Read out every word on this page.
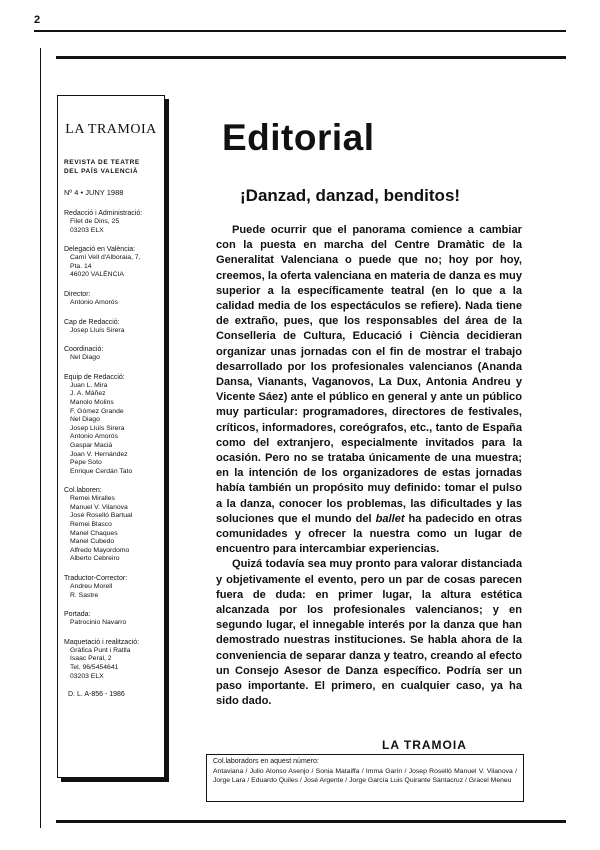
2
LA TRAMOIA
REVISTA DE TEATRE
DEL PAÍS VALENCIÀ
Nº 4 • JUNY 1988
Redacció i Administració:
Filet de Dins, 25
03203 ELX
Delegació en València:
Camí Vell d'Alboraia, 7,
Pta. 14
46020 VALÈNCIA
Director:
Antonio Amorós
Cap de Redacció:
Josep Lluís Sirera
Coordinació:
Nel Diago
Equip de Redacció:
Juan L. Mira
J. A. Máñez
Manolo Molins
F. Gómez Grande
Nel Diago
Josep Lluís Sirera
Antonio Amorós
Gaspar Maciá
Joan V. Hernández
Pepe Soto
Enrique Cerdán Tato
Col.laboren:
Remei Miralles
Manuel V. Vilanova
José Roselló Bartual
Remei Blasco
Manel Chaques
Manel Cubedo
Alfredo Mayordomo
Alberto Cebreiro
Traductor-Corrector:
Andreu Morell
R. Sastre
Portada:
Patrocinio Navarro
Maquetació i realització:
Gràfica Punt i Ratlla
Isaac Peral, 2
Tel. 96/5454641
03203 ELX
D. L. A-856 - 1986
Editorial
¡Danzad, danzad, benditos!

Puede ocurrir que el panorama comience a cambiar con la puesta en marcha del Centre Dramàtic de la Generalitat Valenciana o puede que no; hoy por hoy, creemos, la oferta valenciana en materia de danza es muy superior a la específicamente teatral (en lo que a la calidad media de los espectáculos se refiere). Nada tiene de extraño, pues, que los responsables del área de la Conselleria de Cultura, Educació i Ciència decidieran organizar unas jornadas con el fin de mostrar el trabajo desarrollado por los profesionales valencianos (Ananda Dansa, Vianants, Vaganovos, La Dux, Antonia Andreu y Vicente Sáez) ante el público en general y ante un público muy particular: programadores, directores de festivales, críticos, informadores, coreógrafos, etc., tanto de España como del extranjero, especialmente invitados para la ocasión. Pero no se trataba únicamente de una muestra; en la intención de los organizadores de estas jornadas había también un propósito muy definido: tomar el pulso a la danza, conocer los problemas, las dificultades y las soluciones que el mundo del ballet ha padecido en otras comunidades y ofrecer la nuestra como un lugar de encuentro para intercambiar experiencias.

Quizá todavía sea muy pronto para valorar distanciada y objetivamente el evento, pero un par de cosas parecen fuera de duda: en primer lugar, la altura estética alcanzada por los profesionales valencianos; y en segundo lugar, el innegable interés por la danza que han demostrado nuestras instituciones. Se habla ahora de la conveniencia de separar danza y teatro, creando al efecto un Consejo Asesor de Danza específico. Podría ser un paso importante. El primero, en cualquier caso, ya ha sido dado.

LA TRAMOIA
Col.laboradors en aquest número:
Antaviana / Julio Alonso Asenjo / Sonia Mataiffa / Imma Garín / Josep Roselló Manuel V. Vilanova / Jorge Lara / Eduardo Quiles / José Argente / Jorge García Luis Quirante Santacruz / Gracel Meneu
